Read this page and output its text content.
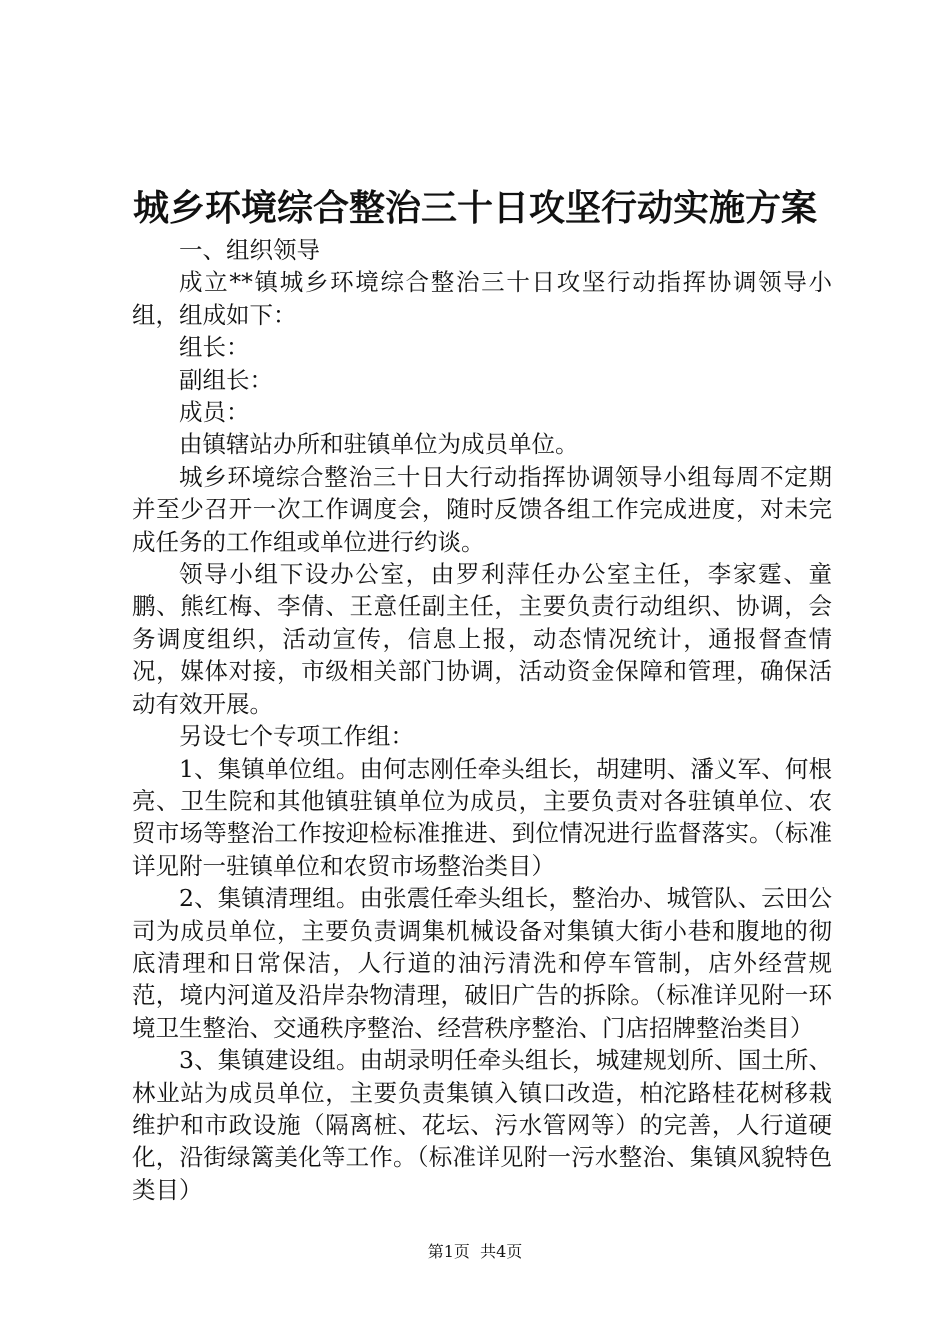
城乡环境综合整治三十日攻坚行动实施方案

一、组织领导

成立**镇城乡环境综合整治三十日攻坚行动指挥协调领导小组，组成如下：

组长：

副组长：

成员：

由镇辖站办所和驻镇单位为成员单位。

城乡环境综合整治三十日大行动指挥协调领导小组每周不定期并至少召开一次工作调度会，随时反馈各组工作完成进度，对未完成任务的工作组或单位进行约谈。

领导小组下设办公室，由罗利萍任办公室主任，李家霆、童鹏、熊红梅、李倩、王意任副主任，主要负责行动组织、协调，会务调度组织，活动宣传，信息上报，动态情况统计，通报督查情况，媒体对接，市级相关部门协调，活动资金保障和管理，确保活动有效开展。

另设七个专项工作组：

1、集镇单位组。由何志刚任牵头组长，胡建明、潘义军、何根亮、卫生院和其他镇驻镇单位为成员，主要负责对各驻镇单位、农贸市场等整治工作按迎检标准推进、到位情况进行监督落实。（标准详见附一驻镇单位和农贸市场整治类目）

2、集镇清理组。由张震任牵头组长，整治办、城管队、云田公司为成员单位，主要负责调集机械设备对集镇大街小巷和腹地的彻底清理和日常保洁，人行道的油污清洗和停车管制，店外经营规范，境内河道及沿岸杂物清理，破旧广告的拆除。（标准详见附一环境卫生整治、交通秩序整治、经营秩序整治、门店招牌整治类目）

3、集镇建设组。由胡录明任牵头组长，城建规划所、国土所、林业站为成员单位，主要负责集镇入镇口改造，柏沱路桂花树移栽维护和市政设施（隔离桩、花坛、污水管网等）的完善，人行道硬化，沿街绿篱美化等工作。（标准详见附一污水整治、集镇风貌特色类目）

第1页  共4页
